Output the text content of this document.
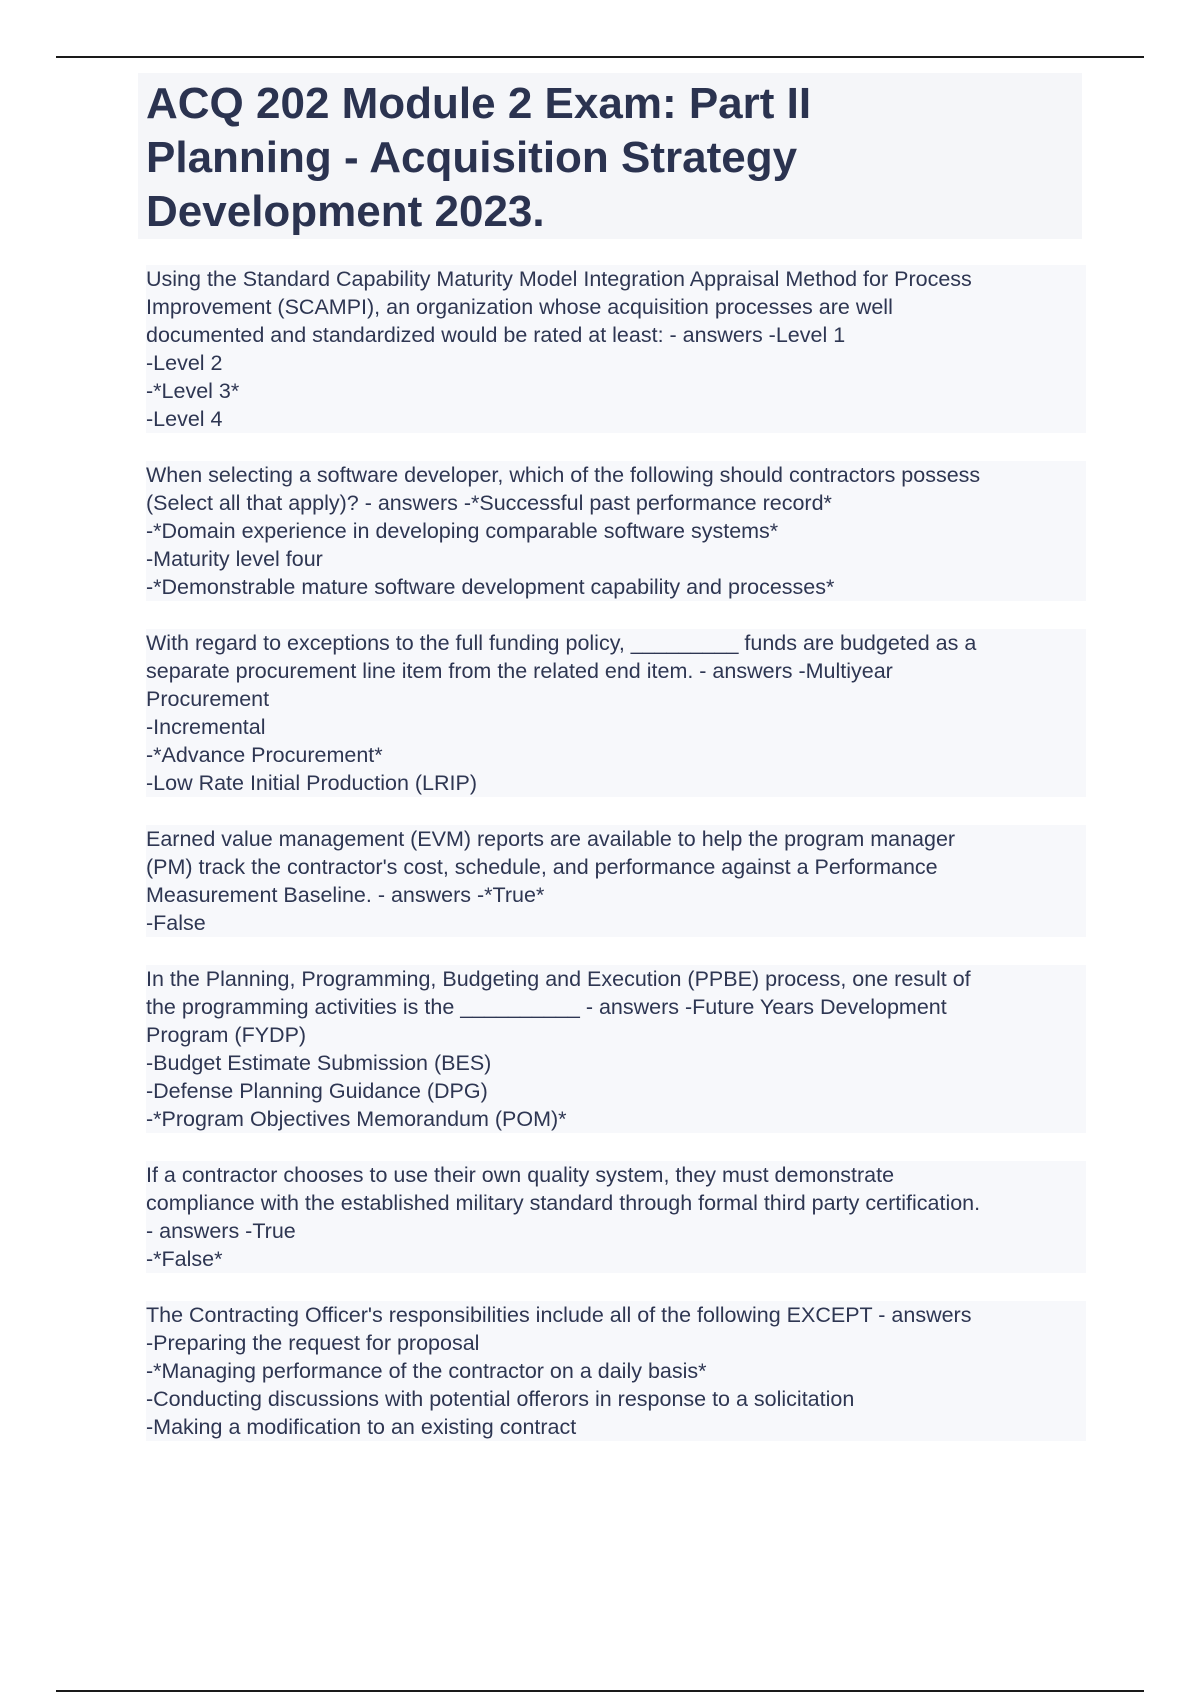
ACQ 202 Module 2 Exam: Part II
Planning - Acquisition Strategy
Development 2023.
Using the Standard Capability Maturity Model Integration Appraisal Method for Process
Improvement (SCAMPI), an organization whose acquisition processes are well
documented and standardized would be rated at least: - answers -Level 1
-Level 2
-*Level 3*
-Level 4

When selecting a software developer, which of the following should contractors possess
(Select all that apply)? - answers -*Successful past performance record*
-*Domain experience in developing comparable software systems*
-Maturity level four
-*Demonstrable mature software development capability and processes*

With regard to exceptions to the full funding policy, _________ funds are budgeted as a
separate procurement line item from the related end item. - answers -Multiyear
Procurement
-Incremental
-*Advance Procurement*
-Low Rate Initial Production (LRIP)

Earned value management (EVM) reports are available to help the program manager
(PM) track the contractor's cost, schedule, and performance against a Performance
Measurement Baseline. - answers -*True*
-False

In the Planning, Programming, Budgeting and Execution (PPBE) process, one result of
the programming activities is the __________ - answers -Future Years Development
Program (FYDP)
-Budget Estimate Submission (BES)
-Defense Planning Guidance (DPG)
-*Program Objectives Memorandum (POM)*

If a contractor chooses to use their own quality system, they must demonstrate
compliance with the established military standard through formal third party certification.
- answers -True
-*False*

The Contracting Officer's responsibilities include all of the following EXCEPT - answers
-Preparing the request for proposal
-*Managing performance of the contractor on a daily basis*
-Conducting discussions with potential offerors in response to a solicitation
-Making a modification to an existing contract
